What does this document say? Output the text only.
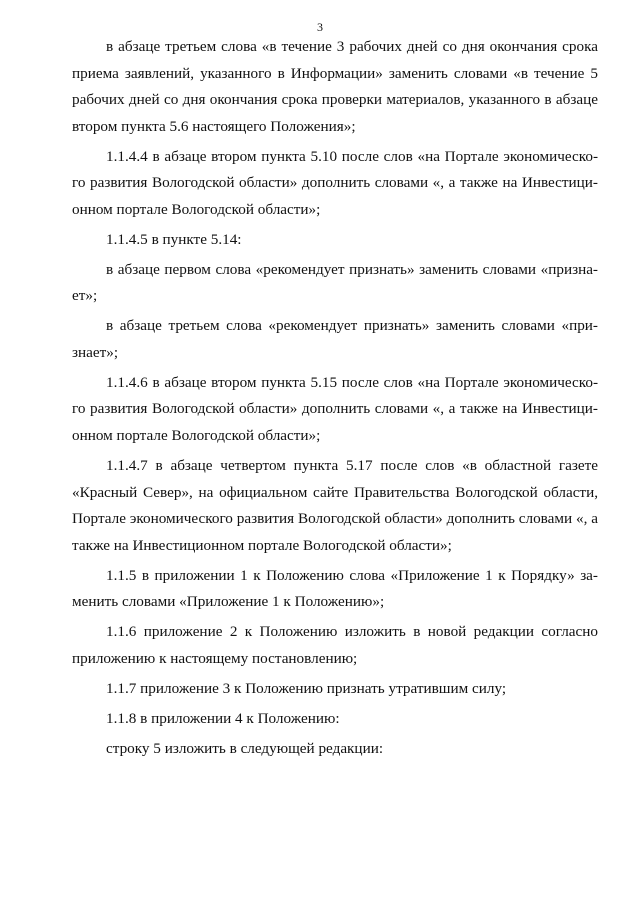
3
в абзаце третьем слова «в течение 3 рабочих дней со дня окончания срока
приема заявлений, указанного в Информации» заменить словами «в течение 5
рабочих дней со дня окончания срока проверки материалов, указанного в абзаце
втором пункта 5.6 настоящего Положения»;
1.1.4.4 в абзаце втором пункта 5.10 после слов «на Портале экономическо-
го развития Вологодской области» дополнить словами «, а также на Инвестици-
онном портале Вологодской области»;
1.1.4.5 в пункте 5.14:
в абзаце первом слова «рекомендует признать» заменить словами «призна-
ет»;
в абзаце третьем слова «рекомендует признать» заменить словами «при-
знает»;
1.1.4.6 в абзаце втором пункта 5.15 после слов «на Портале экономическо-
го развития Вологодской области» дополнить словами «, а также на Инвестици-
онном портале Вологодской области»;
1.1.4.7 в абзаце четвертом пункта 5.17 после слов «в областной газете
«Красный Север», на официальном сайте Правительства Вологодской области,
Портале экономического развития Вологодской области» дополнить словами «, а
также на Инвестиционном портале Вологодской области»;
1.1.5 в приложении 1 к Положению слова «Приложение 1 к Порядку» за-
менить словами «Приложение 1 к Положению»;
1.1.6 приложение 2 к Положению изложить в новой редакции согласно
приложению к настоящему постановлению;
1.1.7 приложение 3 к Положению признать утратившим силу;
1.1.8 в приложении 4 к Положению:
строку 5 изложить в следующей редакции:
